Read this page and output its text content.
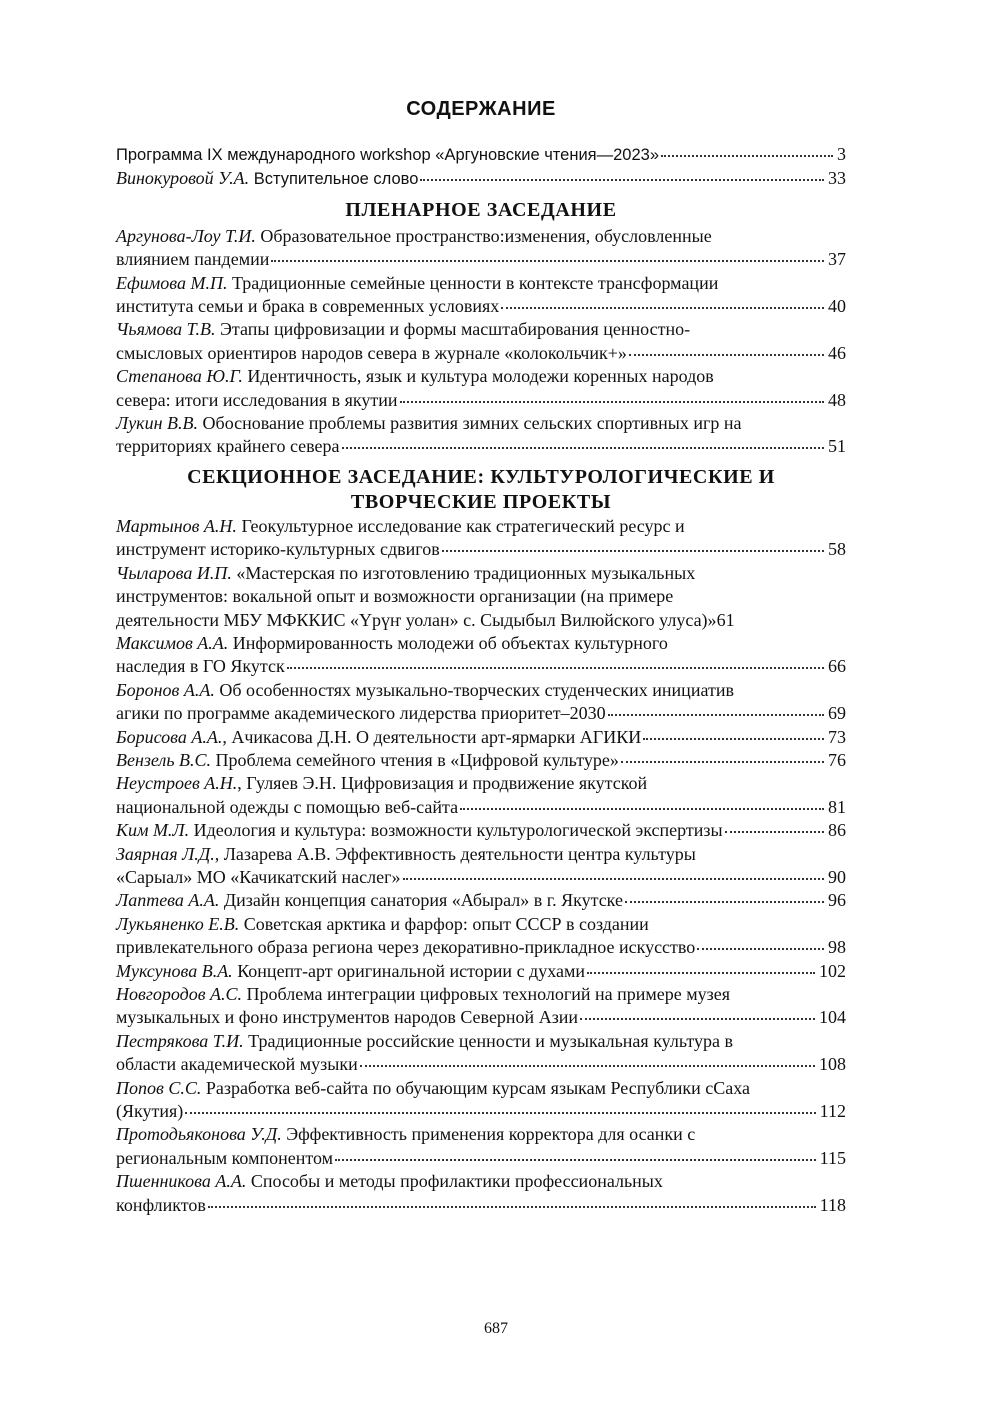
СОДЕРЖАНИЕ
Программа IX международного workshop «Аргуновские чтения—2023»	3
Винокуровой У.А. Вступительное слово	33
ПЛЕНАРНОЕ ЗАСЕДАНИЕ
Аргунова-Лоу Т.И. Образовательное пространство:изменения, обусловленные
влиянием пандемии	37
Ефимова М.П. Традиционные семейные ценности в контексте трансформации
института семьи и брака в современных условиях	40
Чьямова Т.В. Этапы цифровизации и формы масштабирования ценностно-
смысловых ориентиров народов севера в журнале «колокольчик+»	46
Степанова Ю.Г. Идентичность, язык и культура молодежи коренных народов
севера: итоги исследования в якутии	48
Лукин В.В. Обоснование проблемы развития зимних сельских спортивных игр на
территориях крайнего севера	51
СЕКЦИОННОЕ ЗАСЕДАНИЕ: КУЛЬТУРОЛОГИЧЕСКИЕ И
ТВОРЧЕСКИЕ ПРОЕКТЫ
Мартынов А.Н. Геокультурное исследование как стратегический ресурс и
инструмент историко-культурных сдвигов	58
Чыларова И.П. «Мастерская по изготовлению традиционных музыкальных
инструментов: вокальной опыт и возможности организации (на примере
деятельности МБУ МФККИС «Үрүҥ уолан» с. Сыдыбыл Вилюйского улуса)» 61
Максимов А.А. Информированность молодежи об объектах культурного
наследия в ГО Якутск	66
Боронов А.А. Об особенностях музыкально-творческих студенческих инициатив
агики по программе академического лидерства приоритет–2030	69
Борисова А.А. , Ачикасова Д.Н. О деятельности арт-ярмарки АГИКИ	73
Вензель В.С. Проблема семейного чтения в «Цифровой культуре»	76
Неустроев А.Н. , Гуляев Э.Н. Цифровизация и продвижение якутской
национальной одежды с помощью веб-сайта	81
Ким М.Л. Идеология и культура: возможности культурологической экспертизы	86
Заярная Л.Д. , Лазарева А.В. Эффективность деятельности центра культуры
«Сарыал» МО «Качикатский наслег»	90
Лаптева А.А. Дизайн концепция санатория «Абырал» в г. Якутске	96
Лукьяненко Е.В. Советская арктика и фарфор: опыт СССР в создании
привлекательного образа региона через декоративно-прикладное искусство	98
Муксунова В.А. Концепт-арт оригинальной истории с духами	102
Новгородов А.С. Проблема интеграции цифровых технологий на примере музея
музыкальных и фоно инструментов народов Северной Азии	104
Пестрякова Т.И. Традиционные российские ценности и музыкальная культура в
области академической музыки	108
Попов С.С. Разработка веб-сайта по обучающим курсам языкам Республики сСаха
(Якутия)	112
Протодьяконова У.Д. Эффективность применения корректора для осанки с
региональным компонентом	115
Пшенникова А.А. Способы и методы профилактики профессиональных
конфликтов	118
687
